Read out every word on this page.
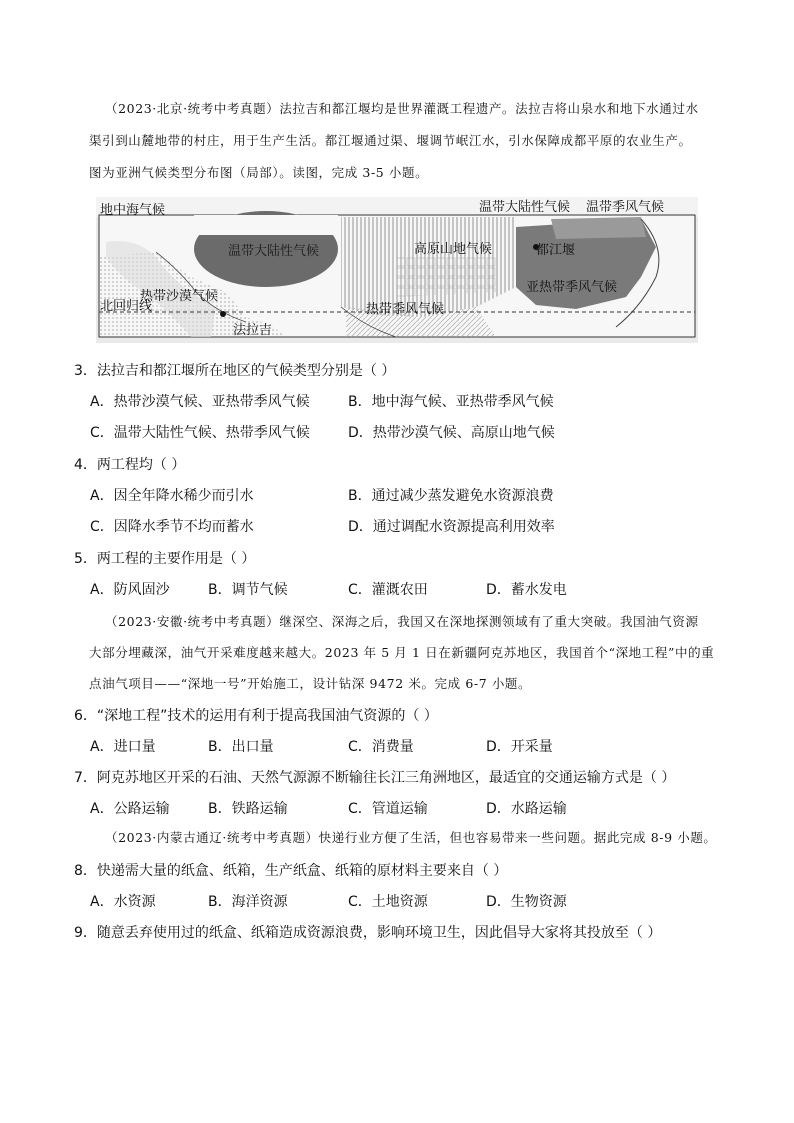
（2023·北京·统考中考真题）法拉吉和都江堰均是世界灌溉工程遗产。法拉吉将山泉水和地下水通过水
渠引到山麓地带的村庄，用于生产生活。都江堰通过渠、堰调节岷江水，引水保障成都平原的农业生产。
图为亚洲气候类型分布图（局部）。读图，完成 3-5 小题。
地中海气候	温带大陆性气候 温带季风气候
温带大陆性气候	高原山地气候	都江堰
亚热带季风气候
热带沙漠气候
北回归线	热带季风气候
法拉吉
3．法拉吉和都江堰所在地区的气候类型分别是（ ）
A．热带沙漠气候、亚热带季风气候	B．地中海气候、亚热带季风气候
C．温带大陆性气候、热带季风气候	D．热带沙漠气候、高原山地气候
4．两工程均（ ）
A．因全年降水稀少而引水	B．通过减少蒸发避免水资源浪费
C．因降水季节不均而蓄水	D．通过调配水资源提高利用效率
5．两工程的主要作用是（ ）
A．防风固沙	B．调节气候	C．灌溉农田	D．蓄水发电
（2023·安徽·统考中考真题）继深空、深海之后，我国又在深地探测领域有了重大突破。我国油气资源
大部分埋藏深，油气开采难度越来越大。2023 年 5 月 1 日在新疆阿克苏地区，我国首个“深地工程”中的重
点油气项目——“深地一号”开始施工，设计钻深 9472 米。完成 6-7 小题。
6．“深地工程”技术的运用有利于提高我国油气资源的（ ）
A．进口量	B．出口量	C．消费量	D．开采量
7．阿克苏地区开采的石油、天然气源源不断输往长江三角洲地区，最适宜的交通运输方式是（ ）
A．公路运输	B．铁路运输	C．管道运输	D．水路运输
（2023·内蒙古通辽·统考中考真题）快递行业方便了生活，但也容易带来一些问题。据此完成 8-9 小题。
8．快递需大量的纸盒、纸箱，生产纸盒、纸箱的原材料主要来自（ ）
A．水资源	B．海洋资源	C．土地资源	D．生物资源
9．随意丢弃使用过的纸盒、纸箱造成资源浪费，影响环境卫生，因此倡导大家将其投放至（ ）
